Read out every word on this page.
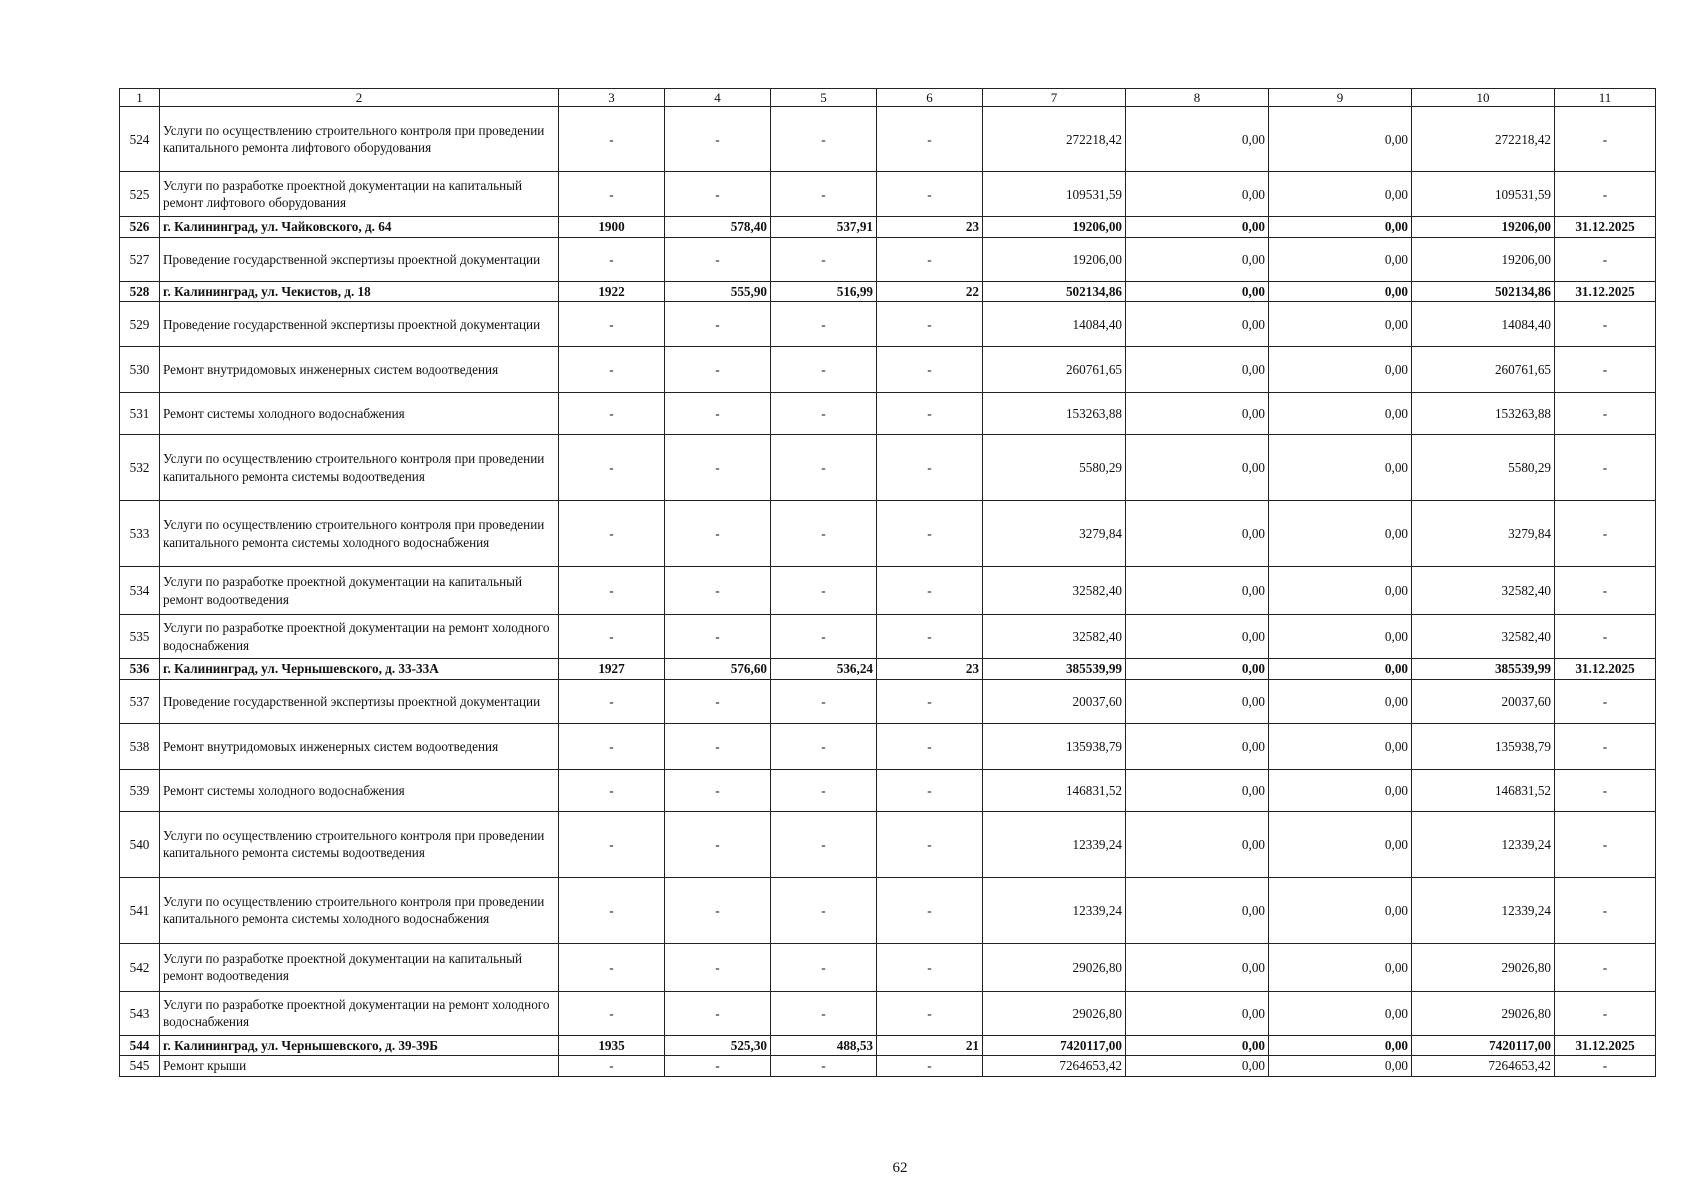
1	2	3	4	5	6	7	8	9	10	11
524	Услуги по осуществлению строительного контроля при проведении капитального ремонта лифтового оборудования	-	-	-	-	272218,42	0,00	0,00	272218,42	-
525	Услуги по разработке проектной документации на капитальный ремонт лифтового оборудования	-	-	-	-	109531,59	0,00	0,00	109531,59	-
526	г. Калининград, ул. Чайковского, д. 64	1900	578,40	537,91	23	19206,00	0,00	0,00	19206,00	31.12.2025
527	Проведение государственной экспертизы проектной документации	-	-	-	-	19206,00	0,00	0,00	19206,00	-
528	г. Калининград, ул. Чекистов, д. 18	1922	555,90	516,99	22	502134,86	0,00	0,00	502134,86	31.12.2025
529	Проведение государственной экспертизы проектной документации	-	-	-	-	14084,40	0,00	0,00	14084,40	-
530	Ремонт внутридомовых инженерных систем водоотведения	-	-	-	-	260761,65	0,00	0,00	260761,65	-
531	Ремонт системы холодного водоснабжения	-	-	-	-	153263,88	0,00	0,00	153263,88	-
532	Услуги по осуществлению строительного контроля при проведении капитального ремонта системы водоотведения	-	-	-	-	5580,29	0,00	0,00	5580,29	-
533	Услуги по осуществлению строительного контроля при проведении капитального ремонта системы холодного водоснабжения	-	-	-	-	3279,84	0,00	0,00	3279,84	-
534	Услуги по разработке проектной документации на капитальный ремонт водоотведения	-	-	-	-	32582,40	0,00	0,00	32582,40	-
535	Услуги по разработке проектной документации на ремонт холодного водоснабжения	-	-	-	-	32582,40	0,00	0,00	32582,40	-
536	г. Калининград, ул. Чернышевского, д. 33-33А	1927	576,60	536,24	23	385539,99	0,00	0,00	385539,99	31.12.2025
537	Проведение государственной экспертизы проектной документации	-	-	-	-	20037,60	0,00	0,00	20037,60	-
538	Ремонт внутридомовых инженерных систем водоотведения	-	-	-	-	135938,79	0,00	0,00	135938,79	-
539	Ремонт системы холодного водоснабжения	-	-	-	-	146831,52	0,00	0,00	146831,52	-
540	Услуги по осуществлению строительного контроля при проведении капитального ремонта системы водоотведения	-	-	-	-	12339,24	0,00	0,00	12339,24	-
541	Услуги по осуществлению строительного контроля при проведении капитального ремонта системы холодного водоснабжения	-	-	-	-	12339,24	0,00	0,00	12339,24	-
542	Услуги по разработке проектной документации на капитальный ремонт водоотведения	-	-	-	-	29026,80	0,00	0,00	29026,80	-
543	Услуги по разработке проектной документации на ремонт холодного водоснабжения	-	-	-	-	29026,80	0,00	0,00	29026,80	-
544	г. Калининград, ул. Чернышевского, д. 39-39Б	1935	525,30	488,53	21	7420117,00	0,00	0,00	7420117,00	31.12.2025
545	Ремонт крыши	-	-	-	-	7264653,42	0,00	0,00	7264653,42	-
62
